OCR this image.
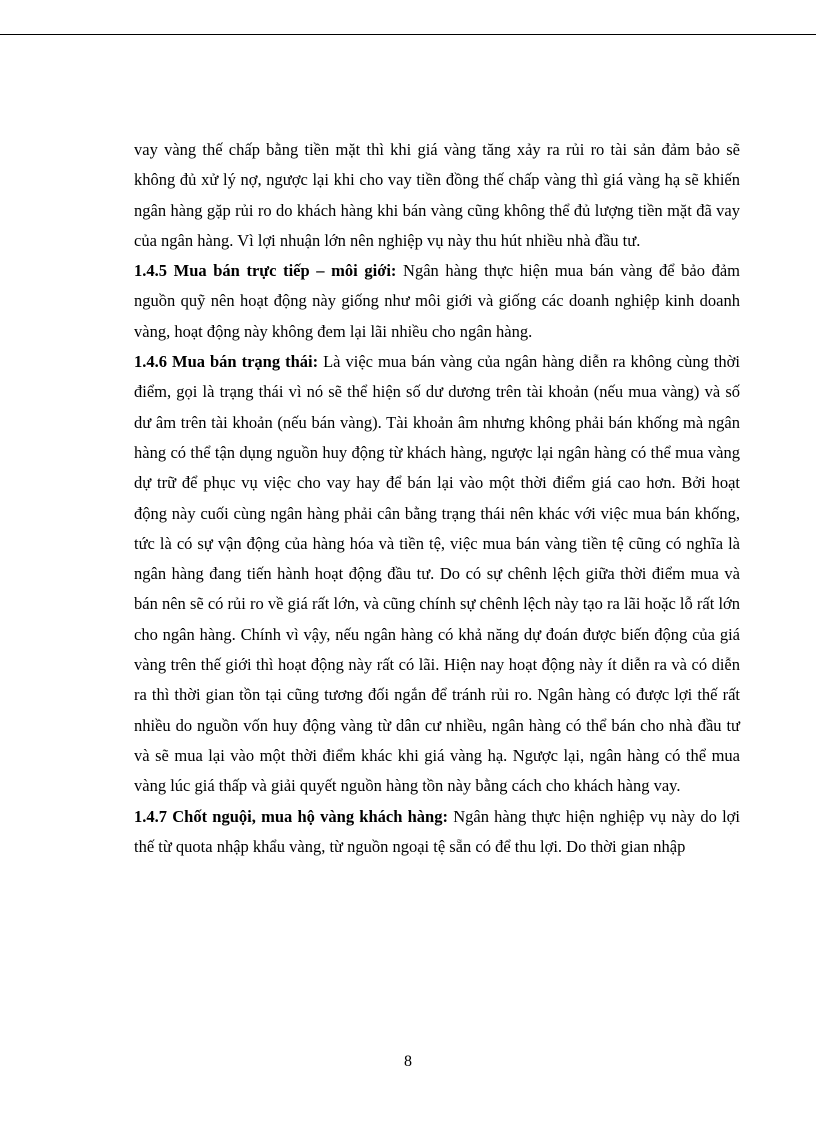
vay vàng thế chấp bằng tiền mặt thì khi giá vàng tăng xảy ra rủi ro tài sản đảm bảo sẽ không đủ xử lý nợ, ngược lại khi cho vay tiền đồng thế chấp vàng thì giá vàng hạ sẽ khiến ngân hàng gặp rủi ro do khách hàng khi bán vàng cũng không thể đủ lượng tiền mặt đã vay của ngân hàng. Vì lợi nhuận lớn nên nghiệp vụ này thu hút nhiều nhà đầu tư.

1.4.5 Mua bán trực tiếp – môi giới: Ngân hàng thực hiện mua bán vàng để bảo đảm nguồn quỹ nên hoạt động này giống như môi giới và giống các doanh nghiệp kinh doanh vàng, hoạt động này không đem lại lãi nhiều cho ngân hàng.

1.4.6 Mua bán trạng thái: Là việc mua bán vàng của ngân hàng diễn ra không cùng thời điểm, gọi là trạng thái vì nó sẽ thể hiện số dư dương trên tài khoản (nếu mua vàng) và số dư âm trên tài khoản (nếu bán vàng). Tài khoản âm nhưng không phải bán khống mà ngân hàng có thể tận dụng nguồn huy động từ khách hàng, ngược lại ngân hàng có thể mua vàng dự trữ để phục vụ việc cho vay hay để bán lại vào một thời điểm giá cao hơn. Bởi hoạt động này cuối cùng ngân hàng phải cân bằng trạng thái nên khác với việc mua bán khống, tức là có sự vận động của hàng hóa và tiền tệ, việc mua bán vàng tiền tệ cũng có nghĩa là ngân hàng đang tiến hành hoạt động đầu tư. Do có sự chênh lệch giữa thời điểm mua và bán nên sẽ có rủi ro về giá rất lớn, và cũng chính sự chênh lệch này tạo ra lãi hoặc lỗ rất lớn cho ngân hàng. Chính vì vậy, nếu ngân hàng có khả năng dự đoán được biến động của giá vàng trên thế giới thì hoạt động này rất có lãi. Hiện nay hoạt động này ít diễn ra và có diễn ra thì thời gian tồn tại cũng tương đối ngắn để tránh rủi ro. Ngân hàng có được lợi thế rất nhiều do nguồn vốn huy động vàng từ dân cư nhiều, ngân hàng có thể bán cho nhà đầu tư và sẽ mua lại vào một thời điểm khác khi giá vàng hạ. Ngược lại, ngân hàng có thể mua vàng lúc giá thấp và giải quyết nguồn hàng tồn này bằng cách cho khách hàng vay.

1.4.7 Chốt nguội, mua hộ vàng khách hàng: Ngân hàng thực hiện nghiệp vụ này do lợi thế từ quota nhập khẩu vàng, từ nguồn ngoại tệ sẵn có để thu lợi. Do thời gian nhập

8
